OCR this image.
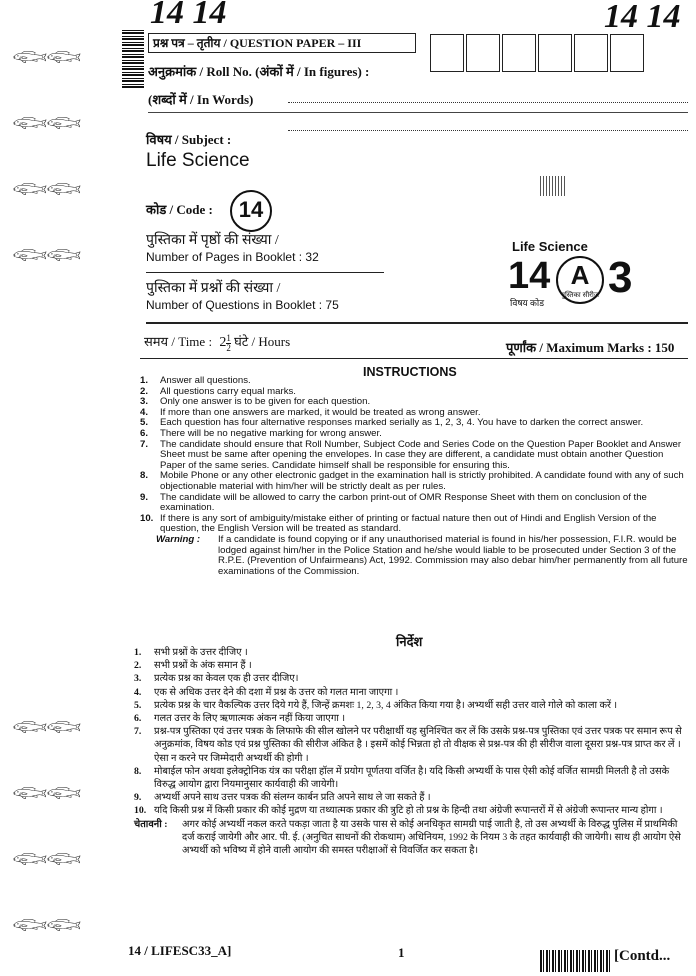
14 14	14 14
प्रश्न पत्र – तृतीय / QUESTION PAPER – III
अनुक्रमांक / Roll No. (अंकों में / In figures) :
(शब्दों में / In Words)
विषय / Subject :
Life Science
कोड / Code :	14
पुस्तिका में पृष्ठों की संख्या /
Number of Pages in Booklet : 32
पुस्तिका में प्रश्नों की संख्या /
Number of Questions in Booklet : 75
Life Science
14 A
पुस्तिका सीरीज 3
विषय कोड
समय / Time : $2 \frac{1}{2}$ घंटे / Hours	पूर्णांक / Maximum Marks : 150
INSTRUCTIONS
1. Answer all questions.
2. All questions carry equal marks.
3. Only one answer is to be given for each question.
4. If more than one answers are marked, it would be treated as wrong answer.
5. Each question has four alternative responses marked serially as 1, 2, 3, 4. You have to darken the correct answer.
6. There will be no negative marking for wrong answer.
7. The candidate should ensure that Roll Number, Subject Code and Series Code on the Question Paper Booklet and Answer Sheet must be same after opening the envelopes. In case they are different, a candidate must obtain another Question Paper of the same series. Candidate himself shall be responsible for ensuring this.
8. Mobile Phone or any other electronic gadget in the examination hall is strictly prohibited. A candidate found with any of such objectionable material with him/her will be strictly dealt as per rules.
9. The candidate will be allowed to carry the carbon print-out of OMR Response Sheet with them on conclusion of the examination.
10. If there is any sort of ambiguity/mistake either of printing or factual nature then out of Hindi and English Version of the question, the English Version will be treated as standard.
Warning : If a candidate is found copying or if any unauthorised material is found in his/her possession, F.I.R. would be lodged against him/her in the Police Station and he/she would liable to be prosecuted under Section 3 of the R.P.E. (Prevention of Unfairmeans) Act, 1992. Commission may also debar him/her permanently from all future examinations of the Commission.
निर्देश
1. सभी प्रश्नों के उत्तर दीजिए ।
2. सभी प्रश्नों के अंक समान हैं ।
3. प्रत्येक प्रश्न का केवल एक ही उत्तर दीजिए।
4. एक से अधिक उत्तर देने की दशा में प्रश्न के उत्तर को गलत माना जाएगा ।
5. प्रत्येक प्रश्न के चार वैकल्पिक उत्तर दिये गये हैं, जिन्हें क्रमशः 1, 2, 3, 4 अंकित किया गया है। अभ्यर्थी सही उत्तर वाले गोले को काला करें ।
6. गलत उत्तर के लिए ऋणात्मक अंकन नहीं किया जाएगा ।
7. प्रश्न-पत्र पुस्तिका एवं उत्तर पत्रक के लिफाफे की सील खोलने पर परीक्षार्थी यह सुनिश्चित कर लें कि उसके प्रश्न-पत्र पुस्तिका एवं उत्तर पत्रक पर समान रूप से अनुक्रमांक, विषय कोड एवं प्रश्न पुस्तिका की सीरीज अंकित है । इसमें कोई भिन्नता हो तो वीक्षक से प्रश्न-पत्र की ही सीरीज वाला दूसरा प्रश्न-पत्र प्राप्त कर लें । ऐसा न करने पर जिम्मेदारी अभ्यर्थी की होगी ।
8. मोबाईल फोन अथवा इलेक्ट्रोनिक यंत्र का परीक्षा हॉल में प्रयोग पूर्णतया वर्जित है। यदि किसी अभ्यर्थी के पास ऐसी कोई वर्जित सामग्री मिलती है तो उसके विरुद्ध आयोग द्वारा नियमानुसार कार्यवाही की जायेगी।
9. अभ्यर्थी अपने साथ उत्तर पत्रक की संलग्न कार्बन प्रति अपने साथ ले जा सकते हैं ।
10. यदि किसी प्रश्न में किसी प्रकार की कोई मुद्रण या तथ्यात्मक प्रकार की त्रुटि हो तो प्रश्न के हिन्दी तथा अंग्रेजी रूपान्तरों में से अंग्रेजी रूपान्तर मान्य होगा ।
चेतावनी : अगर कोई अभ्यर्थी नकल करते पकड़ा जाता है या उसके पास से कोई अनधिकृत सामग्री पाई जाती है, तो उस अभ्यर्थी के विरुद्ध पुलिस में प्राथमिकी दर्ज कराई जायेगी और आर. पी. ई. (अनुचित साधनों की रोकथाम) अधिनियम, 1992 के नियम 3 के तहत कार्यवाही की जायेगी। साथ ही आयोग ऐसे अभ्यर्थी को भविष्य में होने वाली आयोग की समस्त परीक्षाओं से विवर्जित कर सकता है।
14 / LIFESC33_A]	1	[Contd...
𓆟
𓆟
𓆟
𓆟
𓆟
𓆟
𓆟
𓆟
𓆟
𓆟
𓆟
𓆟
𓆟
𓆟
𓆟
𓆟
